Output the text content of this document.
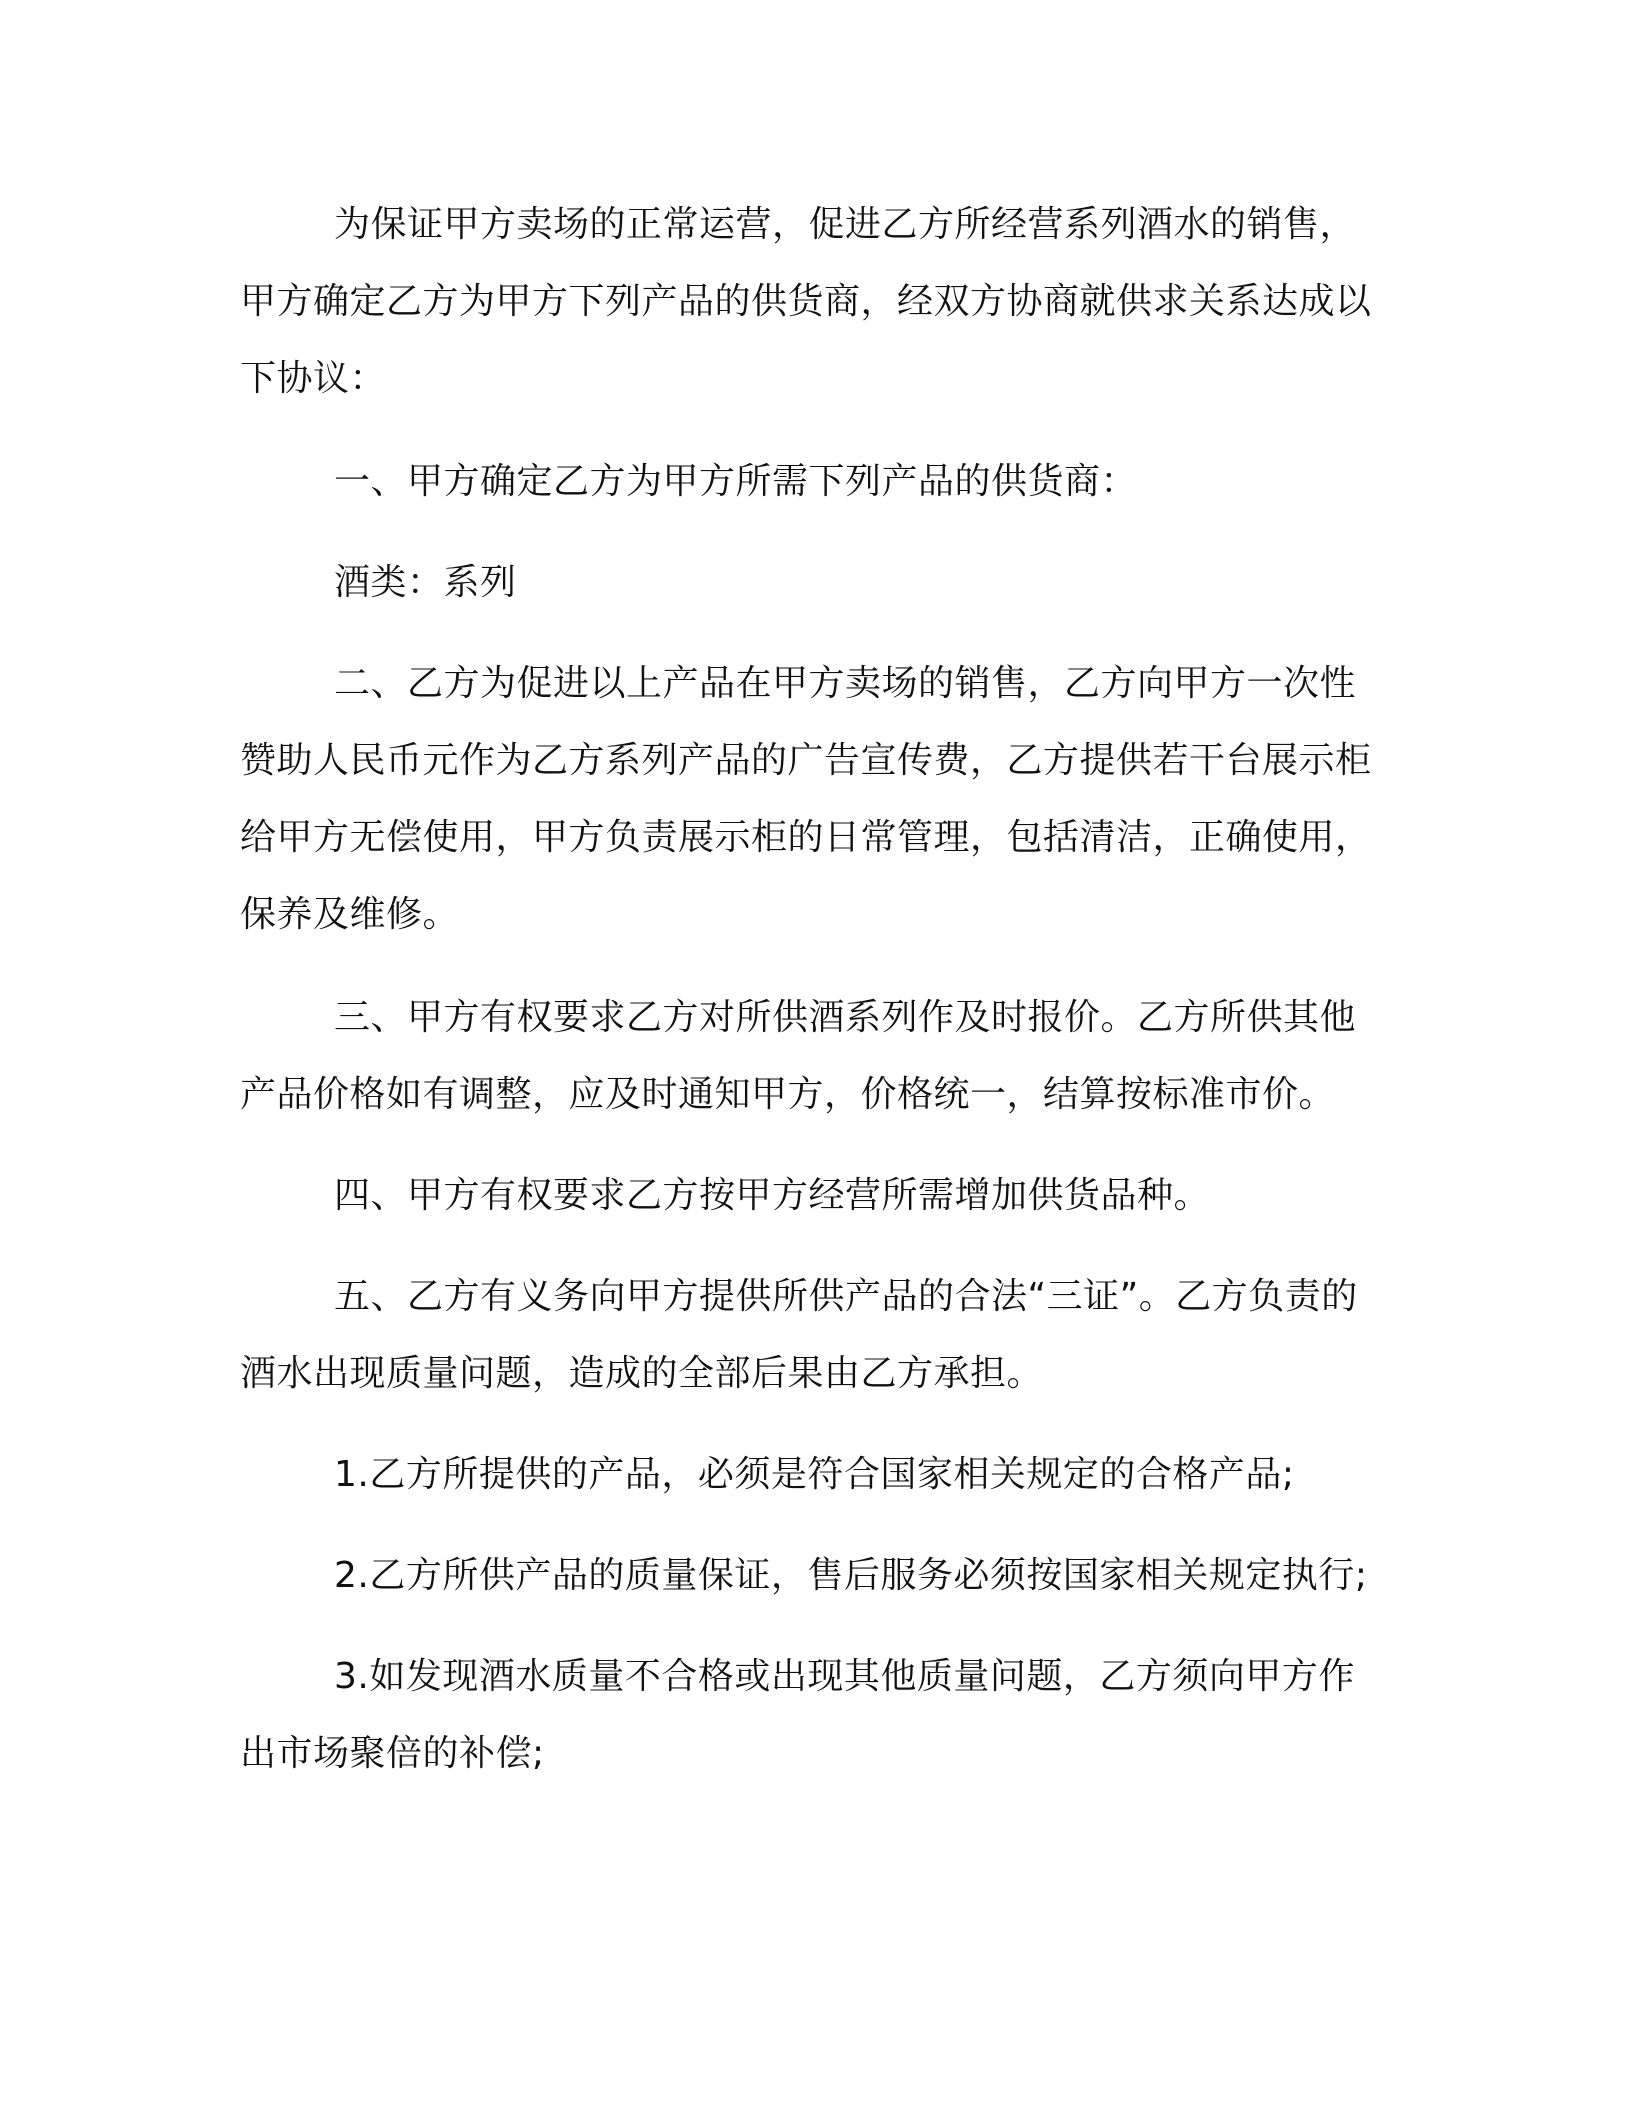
为保证甲方卖场的正常运营，促进乙方所经营系列酒水的销售，甲方确定乙方为甲方下列产品的供货商，经双方协商就供求关系达成以下协议：

一、甲方确定乙方为甲方所需下列产品的供货商：

酒类：系列

二、乙方为促进以上产品在甲方卖场的销售，乙方向甲方一次性赞助人民币元作为乙方系列产品的广告宣传费，乙方提供若干台展示柜给甲方无偿使用，甲方负责展示柜的日常管理，包括清洁，正确使用，保养及维修。

三、甲方有权要求乙方对所供酒系列作及时报价。乙方所供其他产品价格如有调整，应及时通知甲方，价格统一，结算按标准市价。

四、甲方有权要求乙方按甲方经营所需增加供货品种。

五、乙方有义务向甲方提供所供产品的合法“三证”。乙方负责的酒水出现质量问题，造成的全部后果由乙方承担。

1.乙方所提供的产品，必须是符合国家相关规定的合格产品;

2.乙方所供产品的质量保证，售后服务必须按国家相关规定执行;

3.如发现酒水质量不合格或出现其他质量问题，乙方须向甲方作出市场聚倍的补偿;
